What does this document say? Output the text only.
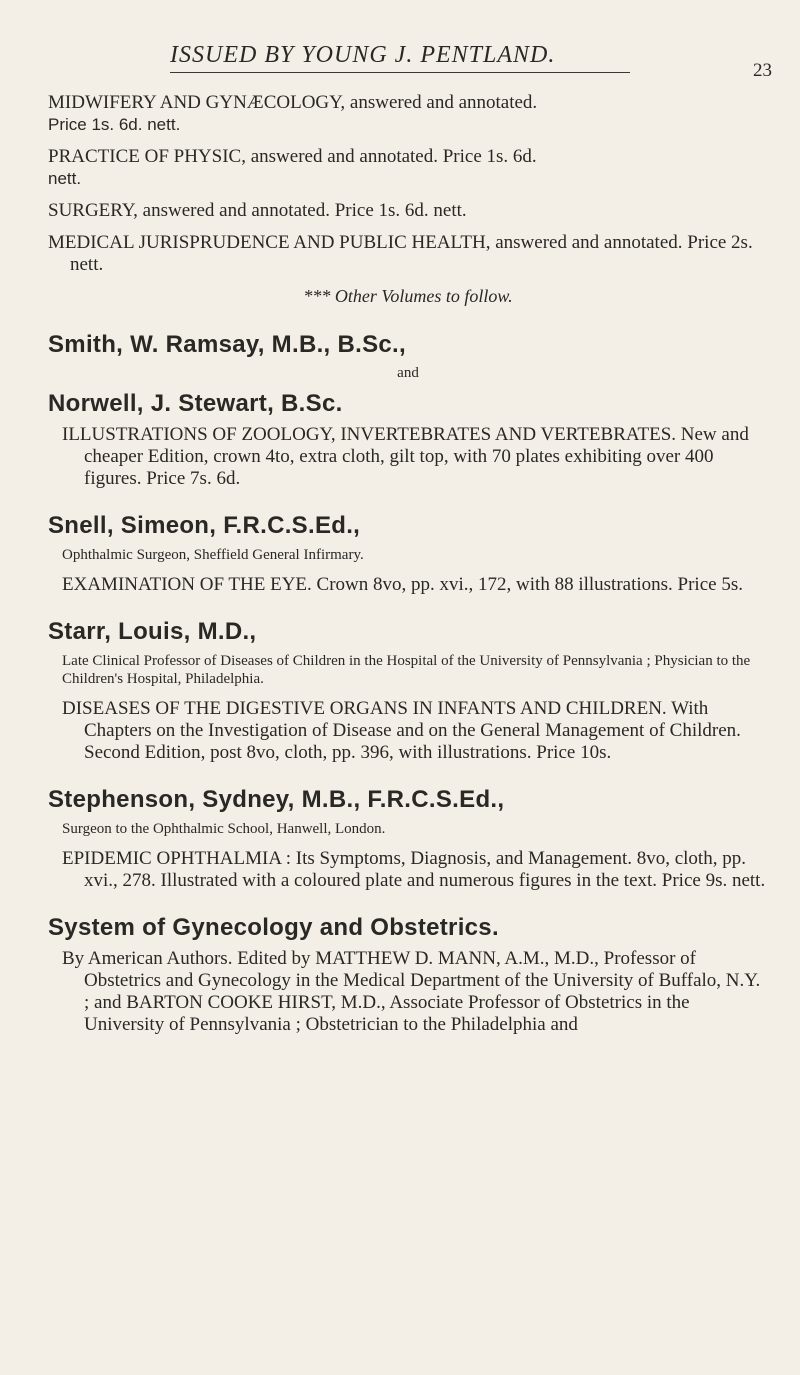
ISSUED BY YOUNG J. PENTLAND.
23

MIDWIFERY AND GYNÆCOLOGY, answered and annotated.
Price 1s. 6d. nett.

PRACTICE OF PHYSIC, answered and annotated. Price 1s. 6d.
nett.

SURGERY, answered and annotated. Price 1s. 6d. nett.

MEDICAL JURISPRUDENCE AND PUBLIC HEALTH, answered and annotated. Price 2s. nett.

*** Other Volumes to follow.
Smith, W. Ramsay, M.B., B.Sc.,
and
Norwell, J. Stewart, B.Sc.

ILLUSTRATIONS OF ZOOLOGY, INVERTEBRATES AND VERTEBRATES. New and cheaper Edition, crown 4to, extra cloth, gilt top, with 70 plates exhibiting over 400 figures. Price 7s. 6d.

Snell, Simeon, F.R.C.S.Ed.,

Ophthalmic Surgeon, Sheffield General Infirmary.

EXAMINATION OF THE EYE. Crown 8vo, pp. xvi., 172, with 88 illustrations. Price 5s.

Starr, Louis, M.D.,

Late Clinical Professor of Diseases of Children in the Hospital of the University of Pennsylvania ; Physician to the Children's Hospital, Philadelphia.

DISEASES OF THE DIGESTIVE ORGANS IN INFANTS AND CHILDREN. With Chapters on the Investigation of Disease and on the General Management of Children. Second Edition, post 8vo, cloth, pp. 396, with illustrations. Price 10s.

Stephenson, Sydney, M.B., F.R.C.S.Ed.,

Surgeon to the Ophthalmic School, Hanwell, London.

EPIDEMIC OPHTHALMIA : Its Symptoms, Diagnosis, and Management. 8vo, cloth, pp. xvi., 278. Illustrated with a coloured plate and numerous figures in the text. Price 9s. nett.

System of Gynecology and Obstetrics.

By American Authors. Edited by MATTHEW D. MANN, A.M., M.D., Professor of Obstetrics and Gynecology in the Medical Department of the University of Buffalo, N.Y. ; and BARTON COOKE HIRST, M.D., Associate Professor of Obstetrics in the University of Pennsylvania ; Obstetrician to the Philadelphia and
